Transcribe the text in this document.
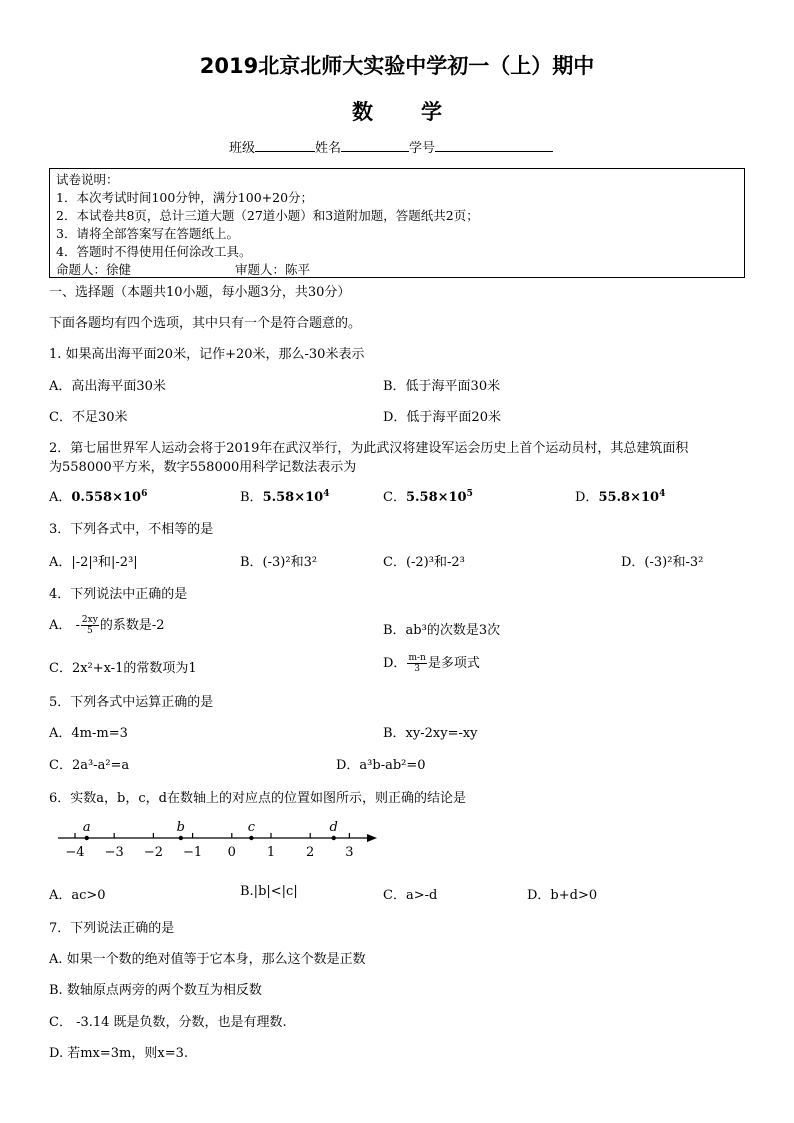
2019北京北师大实验中学初一（上）期中
数学
班级	姓名	学号
试卷说明：
1．本次考试时间100分钟，满分100+20分；
2．本试卷共8页，总计三道大题（27道小题）和3道附加题，答题纸共2页；
3．请将全部答案写在答题纸上。
4．答题时不得使用任何涂改工具。
命题人：徐健	审题人：陈平
一、选择题（本题共10小题，每小题3分，共30分）
下面各题均有四个选项，其中只有一个是符合题意的。
1. 如果高出海平面20米，记作+20米，那么-30米表示
A．高出海平面30米	B．低于海平面30米
C．不足30米	D．低于海平面20米
2．第七届世界军人运动会将于2019年在武汉举行，为此武汉将建设军运会历史上首个运动员村，其总建筑面积
为558000平方米，数字558000用科学记数法表示为
A．$0.558\times 10^6$	B．$5.58\times 10^4$	C．$5.58\times 10^5$	D．$55.8\times 10^4$
3．下列各式中，不相等的是
A．|-2|³和|-2³|	B．(-3)²和3²	C．(-2)³和-2³	D．(-3)²和-3²
4．下列说法中正确的是
A． - $\frac{2xy}{5}$ 的系数是-2	B．ab³的次数是3次
C．2x²+x-1的常数项为1	D． $\frac{m-n}{3}$ 是多项式
5．下列各式中运算正确的是
A．4m-m=3	B．xy-2xy=-xy
C．2a³-a²=a	D．a³b-ab²=0
6．实数a，b，c，d在数轴上的对应点的位置如图所示，则正确的结论是
−4 −3 −2 −1 0 1 2 3
a	b	c	d
A．ac>0	B.|b|<|c|	C．a>-d	D．b+d>0
7．下列说法正确的是
A. 如果一个数的绝对值等于它本身，那么这个数是正数
B. 数轴原点两旁的两个数互为相反数
C． -3.14 既是负数，分数，也是有理数.
D. 若mx=3m，则x=3.
